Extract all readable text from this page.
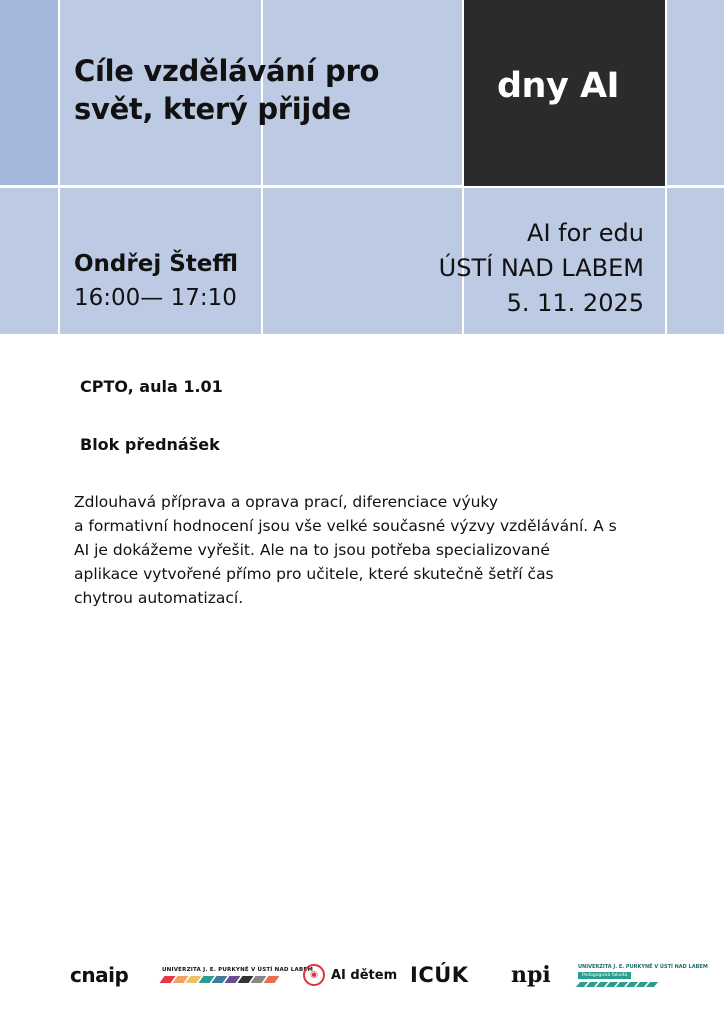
dny AI
Cíle vzdělávání pro
svět, který přijde
Ondřej Šteffl
16:00— 17:10
AI for edu
ÚSTÍ NAD LABEM
5. 11. 2025
CPTO, aula 1.01
Blok přednášek
Zdlouhavá příprava a oprava prací, diferenciace výuky
a formativní hodnocení jsou vše velké současné výzvy vzdělávání. A s
AI je dokážeme vyřešit. Ale na to jsou potřeba specializované
aplikace vytvořené přímo pro učitele, které skutečně šetří čas
chytrou automatizací.
cnaip	UNIVERZITA J. E. PURKYNĚ V ÚSTÍ NAD LABEM
◉	AI dětem ICÚK npi	UNIVERZITA J. E. PURKYNĚ V ÚSTÍ NAD LABEM
Pedagogická fakulta
